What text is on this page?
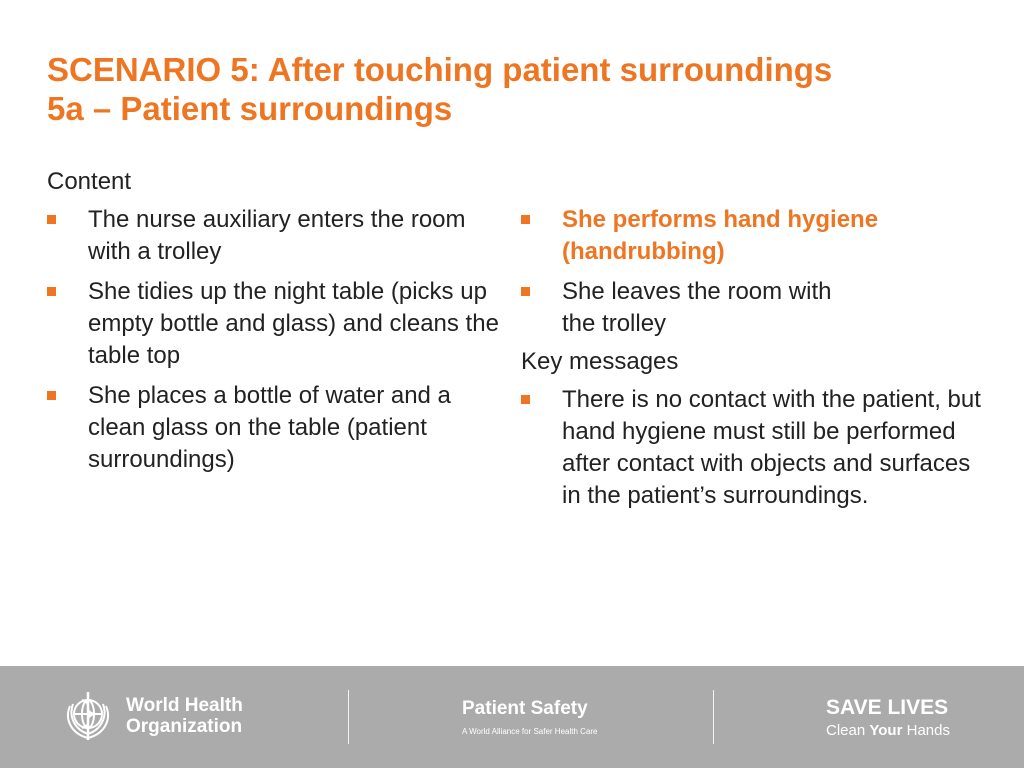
SCENARIO 5: After touching patient surroundings
5a – Patient surroundings
Content
The nurse auxiliary enters the room with a trolley
She tidies up the night table (picks up empty bottle and glass) and cleans the table top
She places a bottle of water and a clean glass on the table (patient surroundings)
She performs hand hygiene (handrubbing)
She leaves the room with
the trolley
Key messages
There is no contact with the patient, but hand hygiene must still be performed after contact with objects and surfaces
in the patient’s surroundings.
World Health
Organization
Patient Safety
A World Alliance for Safer Health Care
SAVE LIVES
Clean Your Hands
